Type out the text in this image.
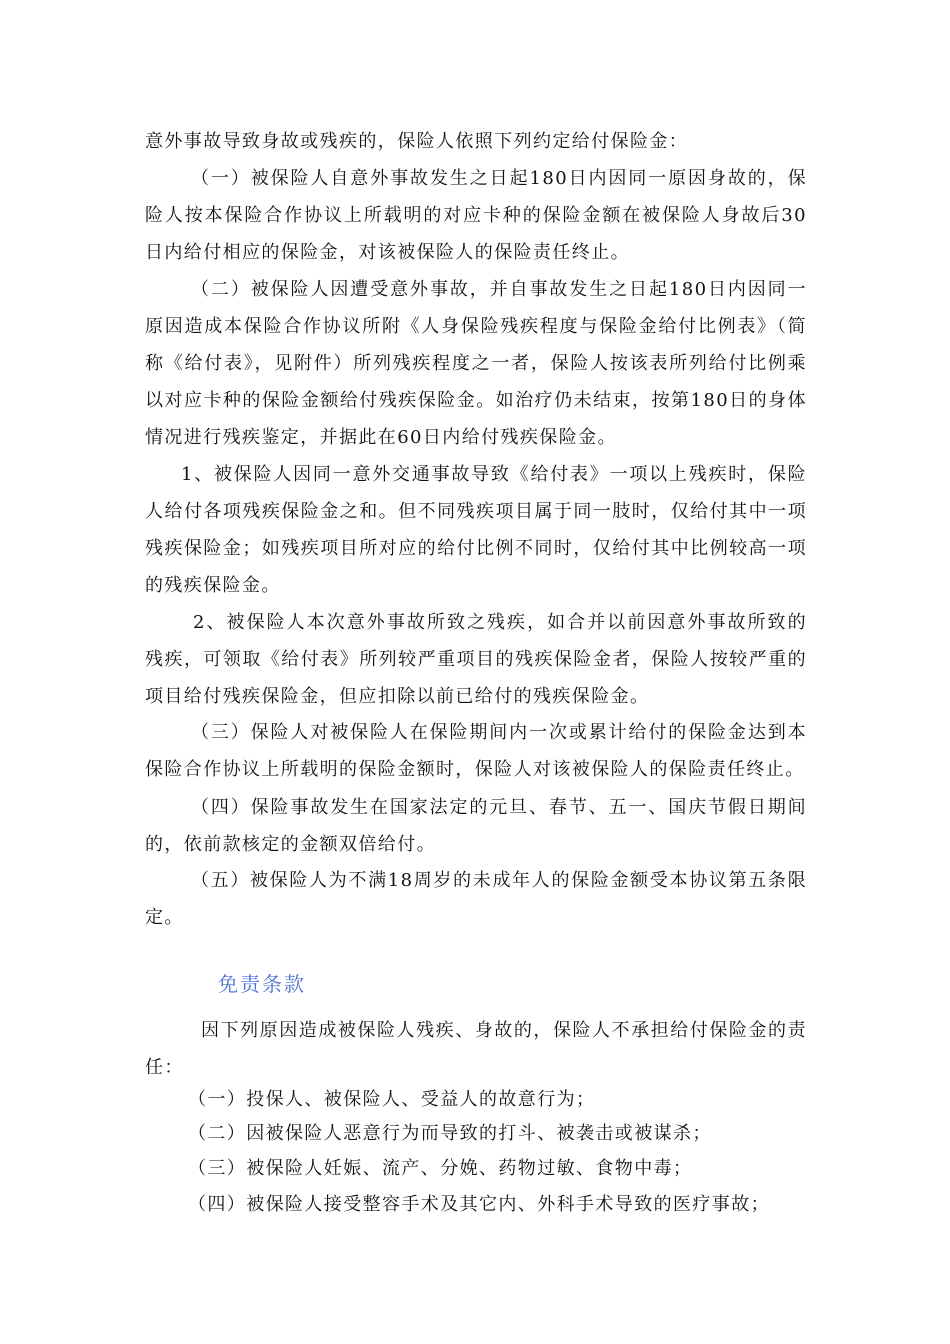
意外事故导致身故或残疾的，保险人依照下列约定给付保险金：

（一）被保险人自意外事故发生之日起180日内因同一原因身故的，保险人按本保险合作协议上所载明的对应卡种的保险金额在被保险人身故后30日内给付相应的保险金，对该被保险人的保险责任终止。

（二）被保险人因遭受意外事故，并自事故发生之日起180日内因同一原因造成本保险合作协议所附《人身保险残疾程度与保险金给付比例表》（简称《给付表》，见附件）所列残疾程度之一者，保险人按该表所列给付比例乘以对应卡种的保险金额给付残疾保险金。如治疗仍未结束，按第180日的身体情况进行残疾鉴定，并据此在60日内给付残疾保险金。

1、被保险人因同一意外交通事故导致《给付表》一项以上残疾时，保险人给付各项残疾保险金之和。但不同残疾项目属于同一肢时，仅给付其中一项残疾保险金；如残疾项目所对应的给付比例不同时，仅给付其中比例较高一项的残疾保险金。

2、被保险人本次意外事故所致之残疾，如合并以前因意外事故所致的残疾，可领取《给付表》所列较严重项目的残疾保险金者，保险人按较严重的项目给付残疾保险金，但应扣除以前已给付的残疾保险金。

（三）保险人对被保险人在保险期间内一次或累计给付的保险金达到本保险合作协议上所载明的保险金额时，保险人对该被保险人的保险责任终止。

（四）保险事故发生在国家法定的元旦、春节、五一、国庆节假日期间的，依前款核定的金额双倍给付。

（五）被保险人为不满18周岁的未成年人的保险金额受本协议第五条限定。

免责条款

因下列原因造成被保险人残疾、身故的，保险人不承担给付保险金的责任：

（一）投保人、被保险人、受益人的故意行为；

（二）因被保险人恶意行为而导致的打斗、被袭击或被谋杀；

（三）被保险人妊娠、流产、分娩、药物过敏、食物中毒；

（四）被保险人接受整容手术及其它内、外科手术导致的医疗事故；
